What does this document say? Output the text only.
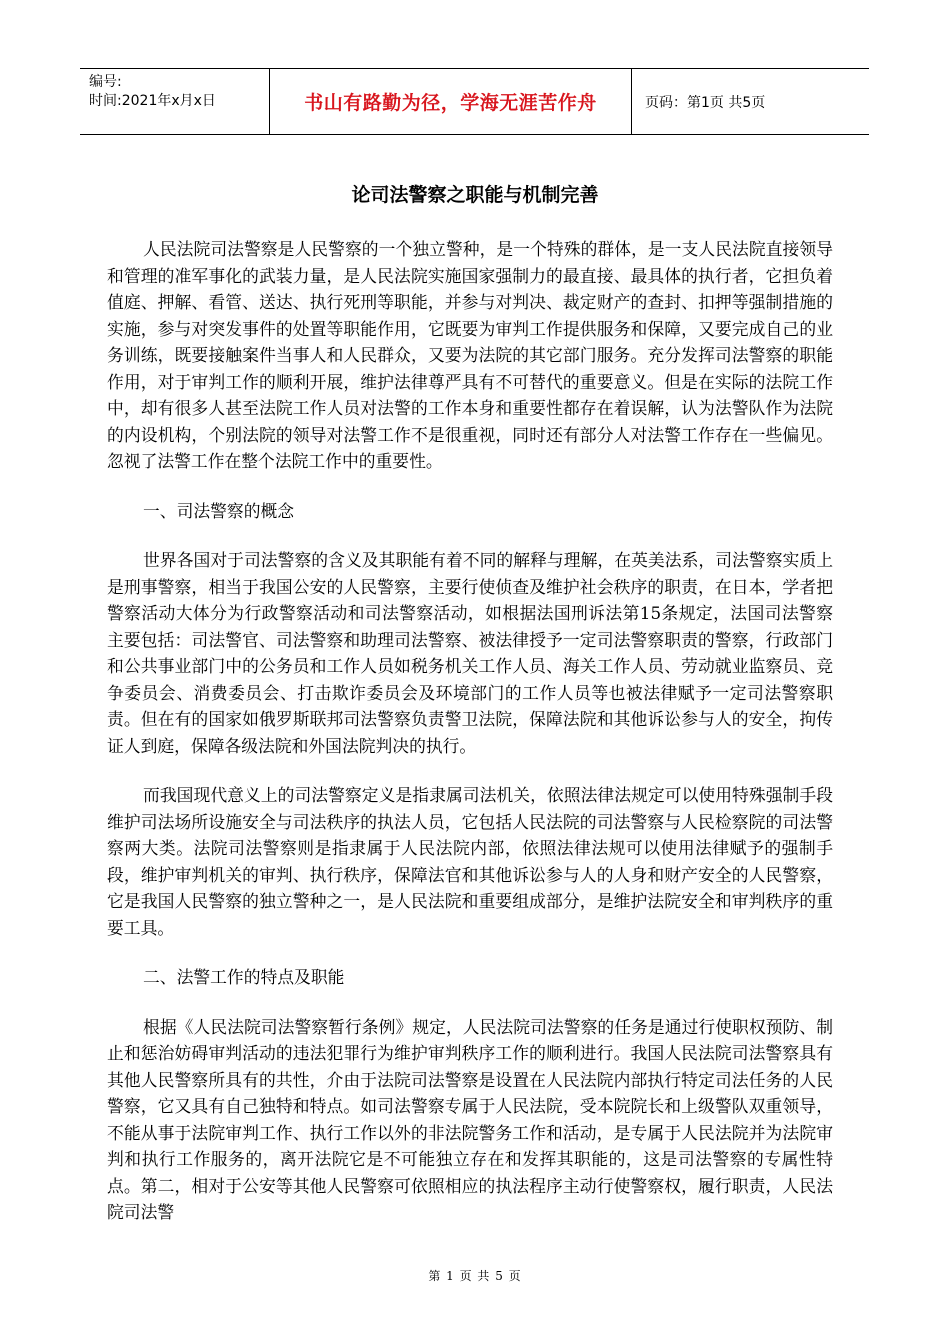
编号:
时间:2021年x月x日	书山有路勤为径，学海无涯苦作舟	页码：第1页 共5页
论司法警察之职能与机制完善

人民法院司法警察是人民警察的一个独立警种，是一个特殊的群体，是一支人民法院直接领导和管理的准军事化的武装力量，是人民法院实施国家强制力的最直接、最具体的执行者，它担负着值庭、押解、看管、送达、执行死刑等职能，并参与对判决、裁定财产的查封、扣押等强制措施的实施，参与对突发事件的处置等职能作用，它既要为审判工作提供服务和保障，又要完成自己的业务训练，既要接触案件当事人和人民群众，又要为法院的其它部门服务。充分发挥司法警察的职能作用，对于审判工作的顺利开展，维护法律尊严具有不可替代的重要意义。但是在实际的法院工作中，却有很多人甚至法院工作人员对法警的工作本身和重要性都存在着误解，认为法警队作为法院的内设机构，个别法院的领导对法警工作不是很重视，同时还有部分人对法警工作存在一些偏见。忽视了法警工作在整个法院工作中的重要性。

一、司法警察的概念

世界各国对于司法警察的含义及其职能有着不同的解释与理解，在英美法系，司法警察实质上是刑事警察，相当于我国公安的人民警察，主要行使侦查及维护社会秩序的职责，在日本，学者把警察活动大体分为行政警察活动和司法警察活动，如根据法国刑诉法第15条规定，法国司法警察主要包括：司法警官、司法警察和助理司法警察、被法律授予一定司法警察职责的警察，行政部门和公共事业部门中的公务员和工作人员如税务机关工作人员、海关工作人员、劳动就业监察员、竞争委员会、消费委员会、打击欺诈委员会及环境部门的工作人员等也被法律赋予一定司法警察职责。但在有的国家如俄罗斯联邦司法警察负责警卫法院，保障法院和其他诉讼参与人的安全，拘传证人到庭，保障各级法院和外国法院判决的执行。

而我国现代意义上的司法警察定义是指隶属司法机关，依照法律法规定可以使用特殊强制手段维护司法场所设施安全与司法秩序的执法人员，它包括人民法院的司法警察与人民检察院的司法警察两大类。法院司法警察则是指隶属于人民法院内部，依照法律法规可以使用法律赋予的强制手段，维护审判机关的审判、执行秩序，保障法官和其他诉讼参与人的人身和财产安全的人民警察，它是我国人民警察的独立警种之一，是人民法院和重要组成部分，是维护法院安全和审判秩序的重要工具。

二、法警工作的特点及职能

根据《人民法院司法警察暂行条例》规定，人民法院司法警察的任务是通过行使职权预防、制止和惩治妨碍审判活动的违法犯罪行为维护审判秩序工作的顺利进行。我国人民法院司法警察具有其他人民警察所具有的共性，介由于法院司法警察是设置在人民法院内部执行特定司法任务的人民警察，它又具有自己独特和特点。如司法警察专属于人民法院，受本院院长和上级警队双重领导，不能从事于法院审判工作、执行工作以外的非法院警务工作和活动，是专属于人民法院并为法院审判和执行工作服务的，离开法院它是不可能独立存在和发挥其职能的，这是司法警察的专属性特点。第二，相对于公安等其他人民警察可依照相应的执法程序主动行使警察权，履行职责，人民法院司法警

第 1 页 共 5 页
